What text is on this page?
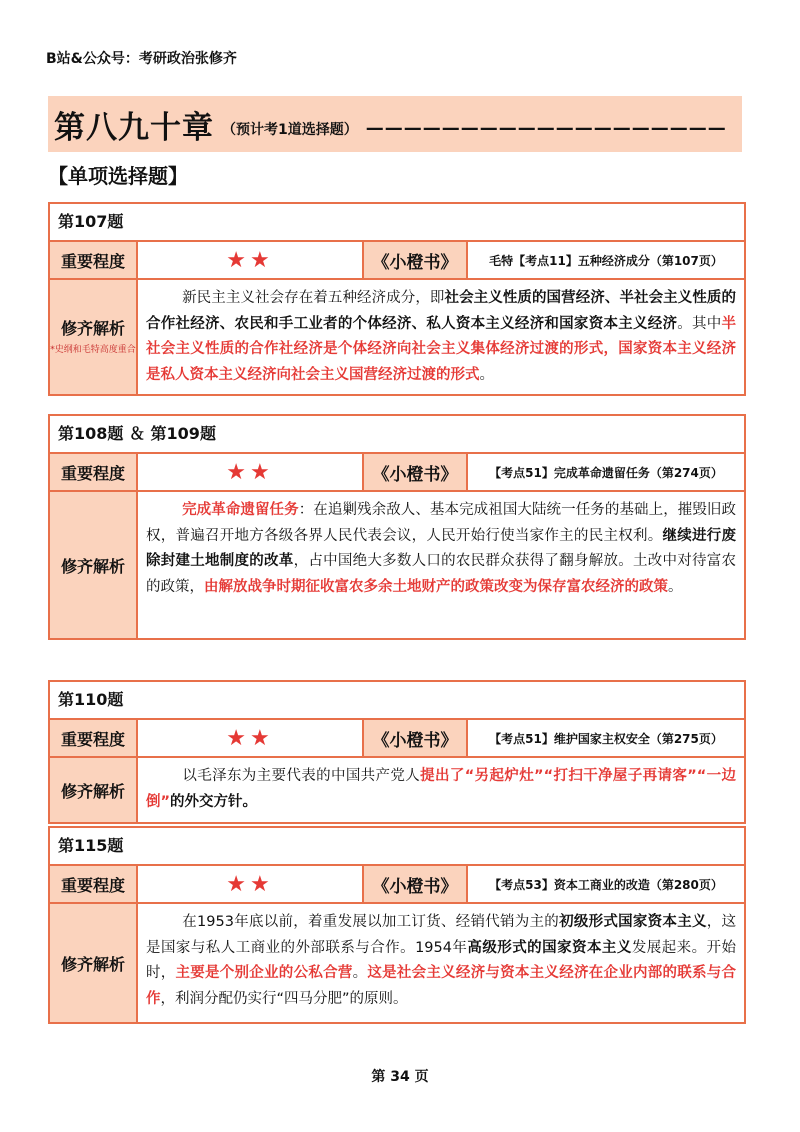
B站&公众号：考研政治张修齐
第八九十章 （预计考1道选择题） ———————————————————
【单项选择题】
第107题
重要程度	★★	《小橙书》	毛特【考点11】五种经济成分（第107页）
修齐解析
*史纲和毛特高度重合
新民主主义社会存在着五种经济成分，即社会主义性质的国营经济、半社会主义性质的合作社经济、农民和手工业者的个体经济、私人资本主义经济和国家资本主义经济。其中半社会主义性质的合作社经济是个体经济向社会主义集体经济过渡的形式，国家资本主义经济是私人资本主义经济向社会主义国营经济过渡的形式。
第108题 ＆ 第109题
重要程度	★★	《小橙书》	【考点51】完成革命遗留任务（第274页）
修齐解析
完成革命遗留任务：在追剿残余敌人、基本完成祖国大陆统一任务的基础上，摧毁旧政权，普遍召开地方各级各界人民代表会议，人民开始行使当家作主的民主权利。继续进行废除封建土地制度的改革，占中国绝大多数人口的农民群众获得了翻身解放。土改中对待富农的政策，由解放战争时期征收富农多余土地财产的政策改变为保存富农经济的政策。
第110题
重要程度	★★	《小橙书》	【考点51】维护国家主权安全（第275页）
修齐解析
以毛泽东为主要代表的中国共产党人提出了“另起炉灶”“打扫干净屋子再请客”“一边倒”的外交方针。
第115题
重要程度	★★	《小橙书》	【考点53】资本工商业的改造（第280页）
修齐解析
在1953年底以前，着重发展以加工订货、经销代销为主的初级形式国家资本主义，这是国家与私人工商业的外部联系与合作。1954年高级形式的国家资本主义发展起来。开始时，主要是个别企业的公私合营。这是社会主义经济与资本主义经济在企业内部的联系与合作，利润分配仍实行“四马分肥”的原则。
第 34 页
